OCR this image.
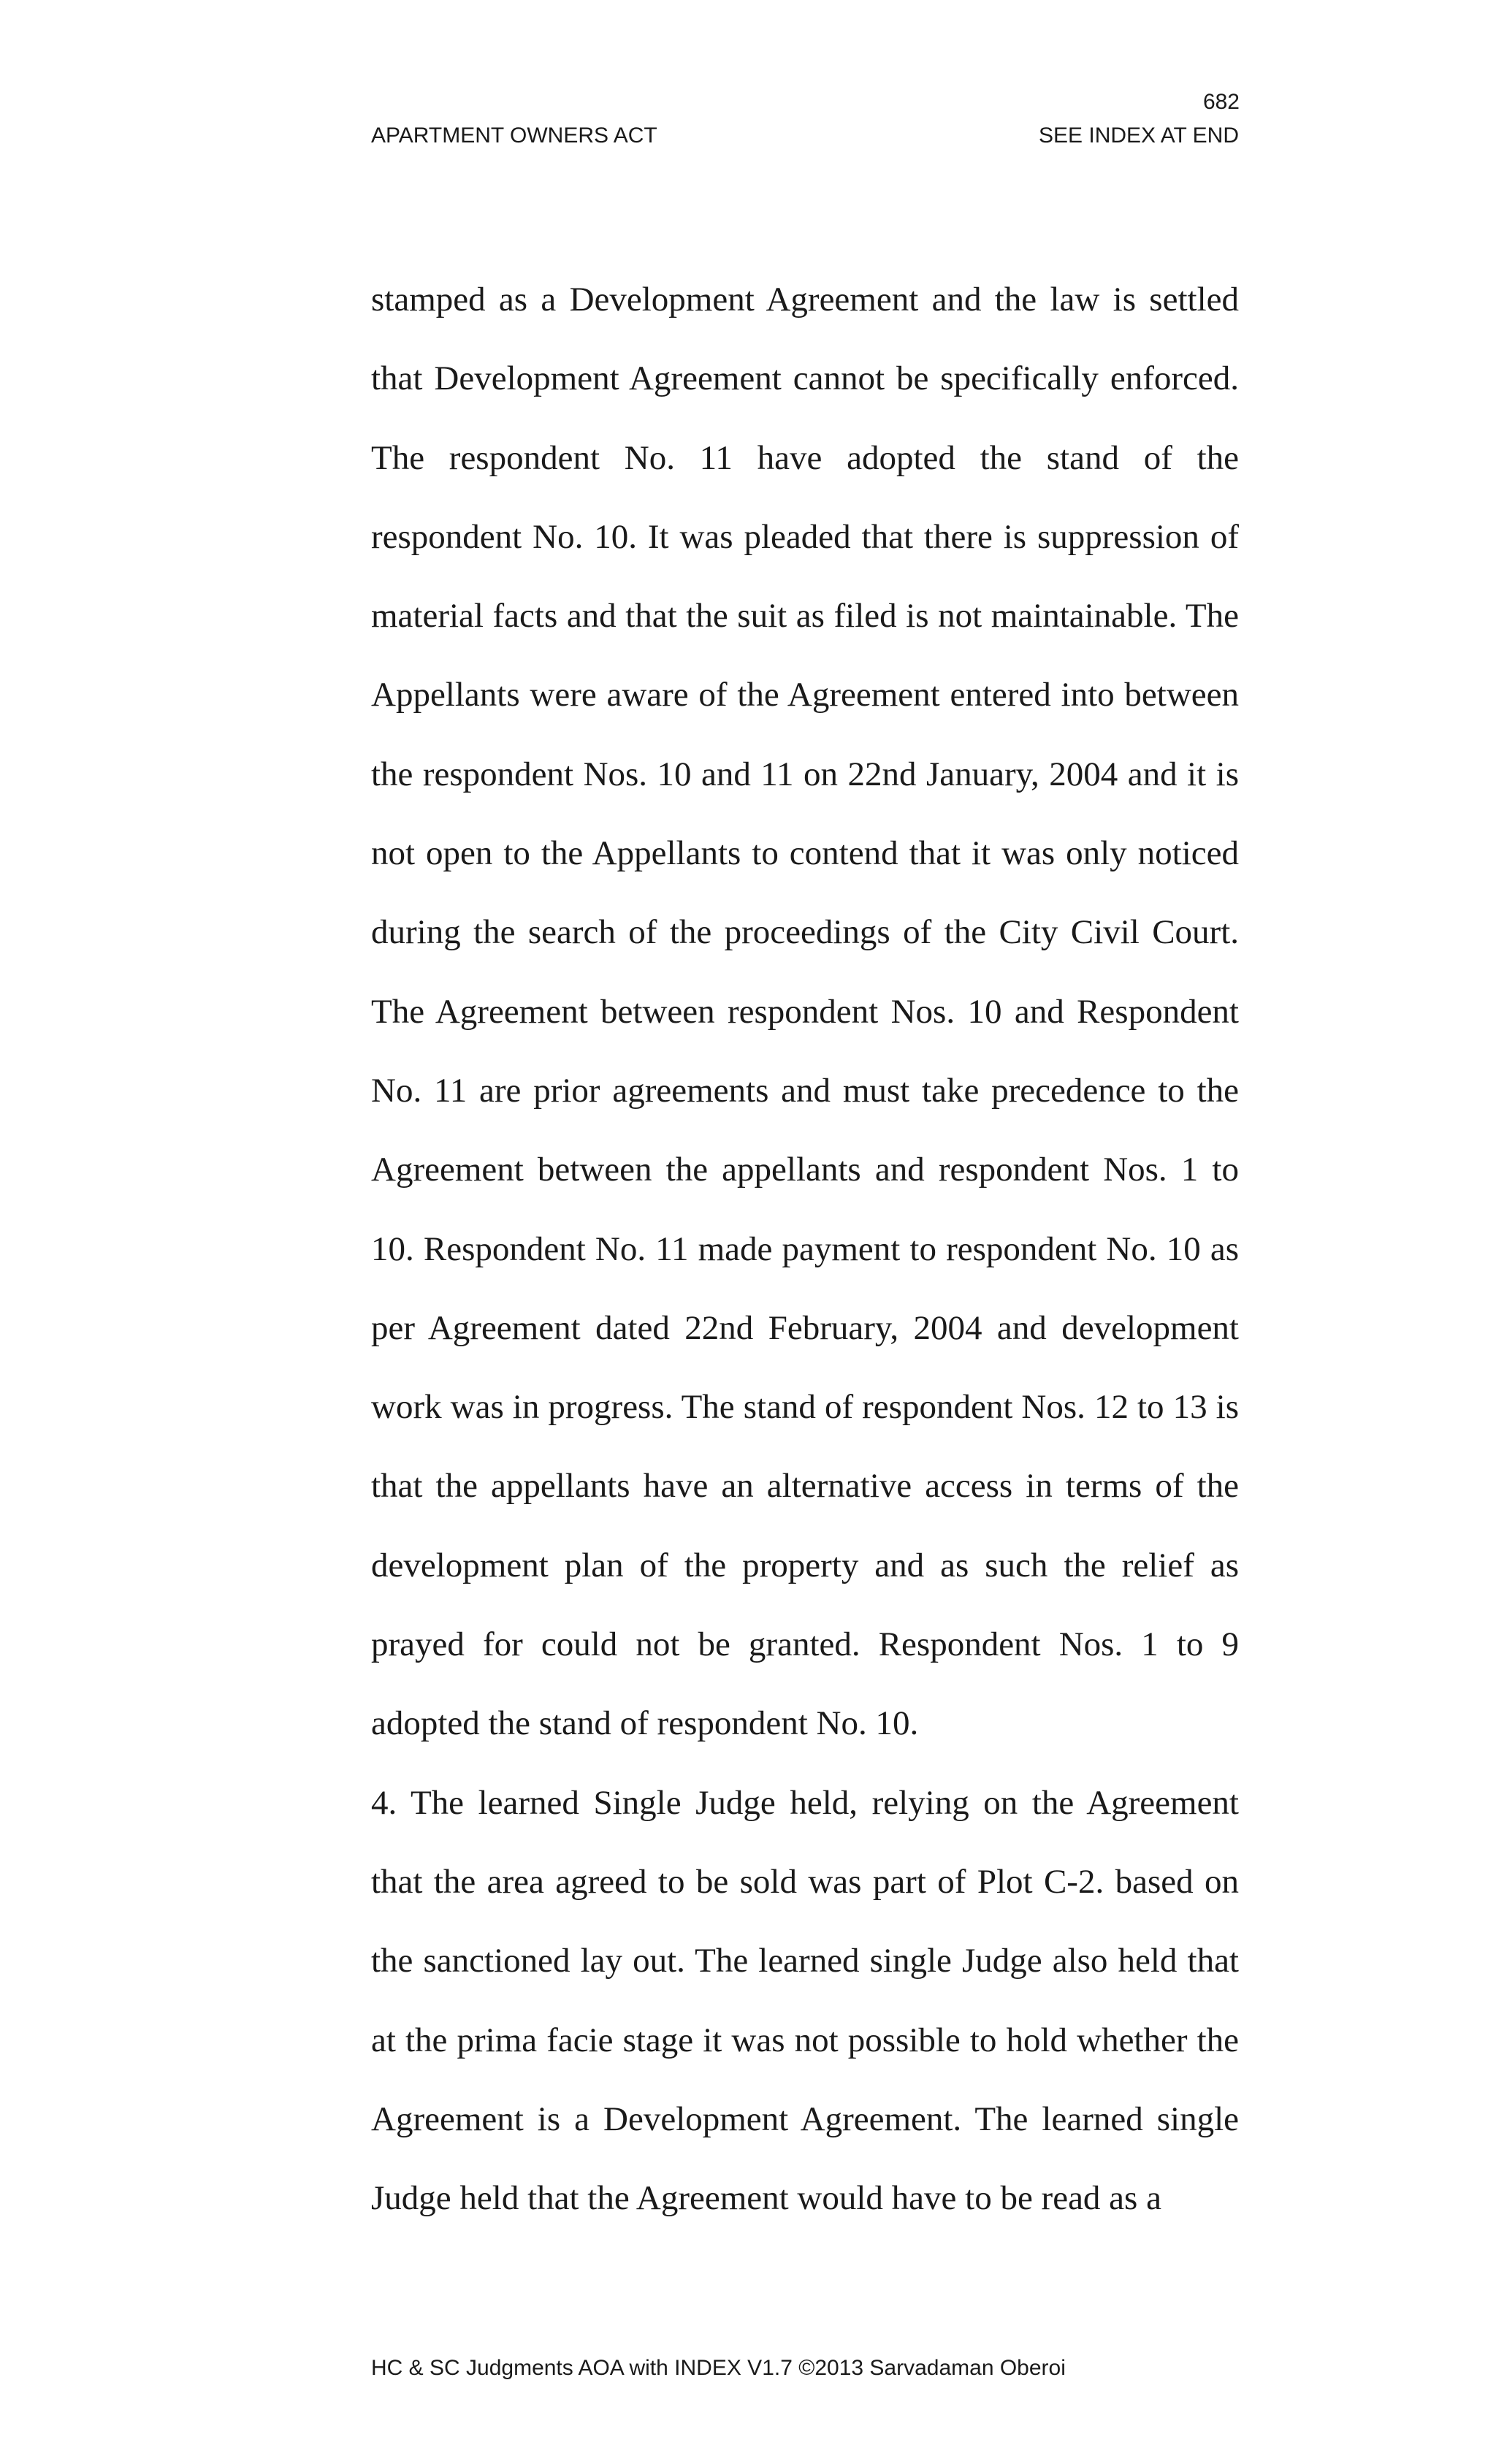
682
APARTMENT OWNERS ACT	SEE INDEX AT END

stamped as a Development Agreement and the law is settled that Development Agreement cannot be specifically enforced. The respondent No. 11 have adopted the stand of the respondent No. 10. It was pleaded that there is suppression of material facts and that the suit as filed is not maintainable. The Appellants were aware of the Agreement entered into between the respondent Nos. 10 and 11 on 22nd January, 2004 and it is not open to the Appellants to contend that it was only noticed during the search of the proceedings of the City Civil Court. The Agreement between respondent Nos. 10 and Respondent No. 11 are prior agreements and must take precedence to the Agreement between the appellants and respondent Nos. 1 to 10. Respondent No. 11 made payment to respondent No. 10 as per Agreement dated 22nd February, 2004 and development work was in progress. The stand of respondent Nos. 12 to 13 is that the appellants have an alternative access in terms of the development plan of the property and as such the relief as prayed for could not be granted. Respondent Nos. 1 to 9 adopted the stand of respondent No. 10.

4. The learned Single Judge held, relying on the Agreement that the area agreed to be sold was part of Plot C-2. based on the sanctioned lay out. The learned single Judge also held that at the prima facie stage it was not possible to hold whether the Agreement is a Development Agreement. The learned single Judge held that the Agreement would have to be read as a

HC & SC Judgments AOA with INDEX V1.7 ©2013 Sarvadaman Oberoi
